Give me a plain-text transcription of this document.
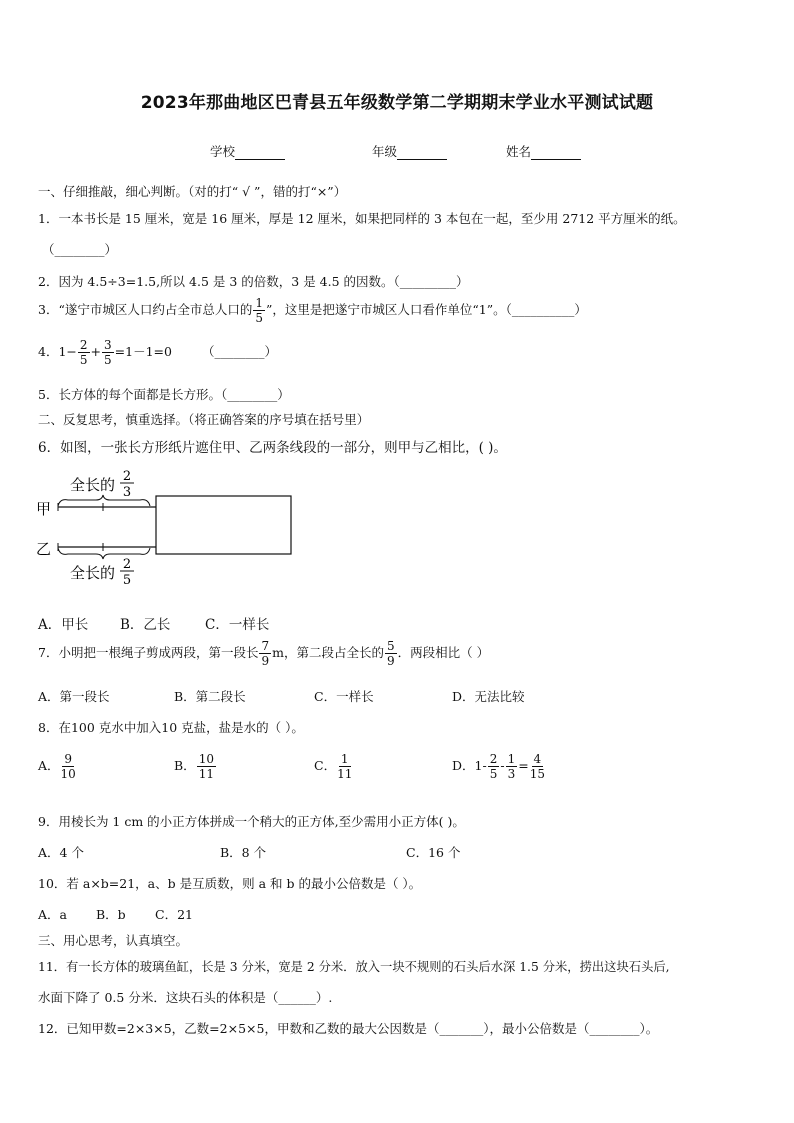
2023年那曲地区巴青县五年级数学第二学期期末学业水平测试试题
学校	年级	姓名
一、仔细推敲，细心判断。（对的打“ √ ”，错的打“×”）
1．一本书长是 15 厘米，宽是 16 厘米，厚是 12 厘米，如果把同样的 3 本包在一起，至少用 2712 平方厘米的纸。
（________）
2．因为 4.5÷3=1.5,所以 4.5 是 3 的倍数，3 是 4.5 的因数。（_________）
3．“遂宁市城区人口约占全市总人口的 $\frac{1}{5}$ ”，这里是把遂宁市城区人口看作单位“1”。（__________）
4．$1- \frac{2}{5} + \frac{3}{5} =1-1=0$ （________）
5．长方体的每个面都是长方形。（________）
二、反复思考，慎重选择。（将正确答案的序号填在括号里）
6．如图，一张长方形纸片遮住甲、乙两条线段的一部分，则甲与乙相比，( )。
全长的 2
3
甲
乙
全长的 2
5
A．甲长 B．乙长	C．一样长
7．小明把一根绳子剪成两段，第一段长 $\frac{7}{9}$ m，第二段占全长的 $\frac{5}{9}$ ．两段相比（ ）
A．第一段长	B．第二段长	C．一样长	D．无法比较
8．在100 克水中加入10 克盐，盐是水的（ ）。
A． $\frac{9}{10}$	B． $\frac{10}{11}$	C． $\frac{1}{11}$	D．$1- \frac{2}{5} - \frac{1}{3} = \frac{4}{15}$
9．用棱长为 1 cm 的小正方体拼成一个稍大的正方体,至少需用小正方体( )。
A．4 个	B．8 个	C．16 个
10．若 a×b=21，a、b 是互质数，则 a 和 b 的最小公倍数是（ ）。
A．a B．b C．21
三、用心思考，认真填空。
11．有一长方体的玻璃鱼缸，长是 3 分米，宽是 2 分米．放入一块不规则的石头后水深 1.5 分米，捞出这块石头后,
水面下降了 0.5 分米．这块石头的体积是（______）.
12．已知甲数=2×3×5，乙数=2×5×5，甲数和乙数的最大公因数是（_______），最小公倍数是（________）。
